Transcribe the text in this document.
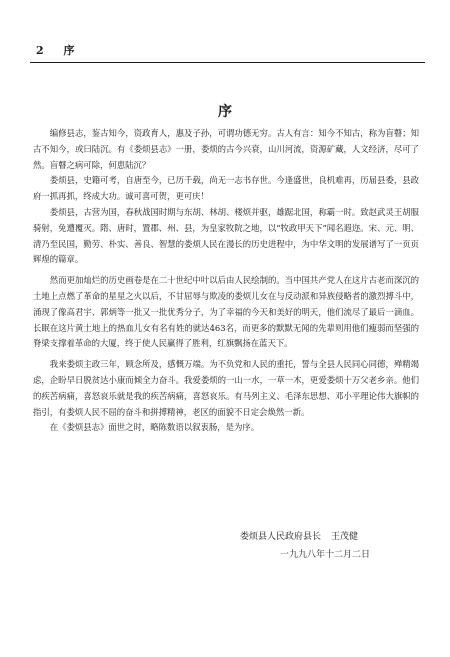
2 序
序

编修县志，鉴古知今，资政育人，惠及子孙，可谓功德无穷。古人有言：知今不知古，称为盲瞽；知古不知今，或曰陆沉。有《娄烦县志》一册，娄烦的古今兴衰，山川河流，资源矿藏，人文经济，尽可了然。盲瞽之病可除，何患陆沉？

娄烦县，史籍可考，自唐至今，已历千载，尚无一志书存世。今逢盛世，良机难再，历届县委，县政府一抓再抓，终成大功。诚可喜可贺，更可庆！

娄烦县，古营为国，春秋战国时期与东胡、林胡、楼烦并驱，雄踞北国，称霸一时。致赵武灵王胡服骑射，免遭覆灭。隋、唐时，置郡、州、县，为皇家牧院之地，以“牧政甲天下”闻名遐迩。宋、元、明、清乃至民国，勤劳、朴实、善良、智慧的娄烦人民在漫长的历史进程中，为中华文明的发展谱写了一页页辉煌的篇章。

然而更加灿烂的历史画卷是在二十世纪中叶以后由人民绘制的。当中国共产党人在这片古老而深沉的土地上点燃了革命的星星之火以后，不甘屈辱与欺凌的娄烦儿女在与反动派和异族侵略者的激烈搏斗中，涌现了像高君宇、郭炳等一批又一批优秀分子，为了幸福的今天和美好的明天，他们流尽了最后一滴血。长眠在这片黄土地上的热血儿女有名有姓的就达463名，而更多的默默无闻的先辈则用他们瘦弱而坚强的脊梁支撑着革命的大厦，终于使人民赢得了胜利，红旗飘扬在蓝天下。

我来娄烦主政三年，顾念所及，感慨万端。为不负党和人民的重托，誓与全县人民同心同德，殚精竭虑，企盼早日脱贫达小康而倾全力奋斗。我爱娄烦的一山一水，一草一木，更爱娄烦十万父老乡亲。他们的疾苦病痛，喜怒哀乐就是我的疾苦病痛，喜怒哀乐。有马列主义、毛泽东思想、邓小平理论伟大旗帜的指引，有娄烦人民不屈的奋斗和拼搏精神，老区的面貌不日定会焕然一新。

在《娄烦县志》面世之时，略陈数语以叙衷肠，是为序。

娄烦县人民政府县长 王茂健
一九九八年十二月二日
